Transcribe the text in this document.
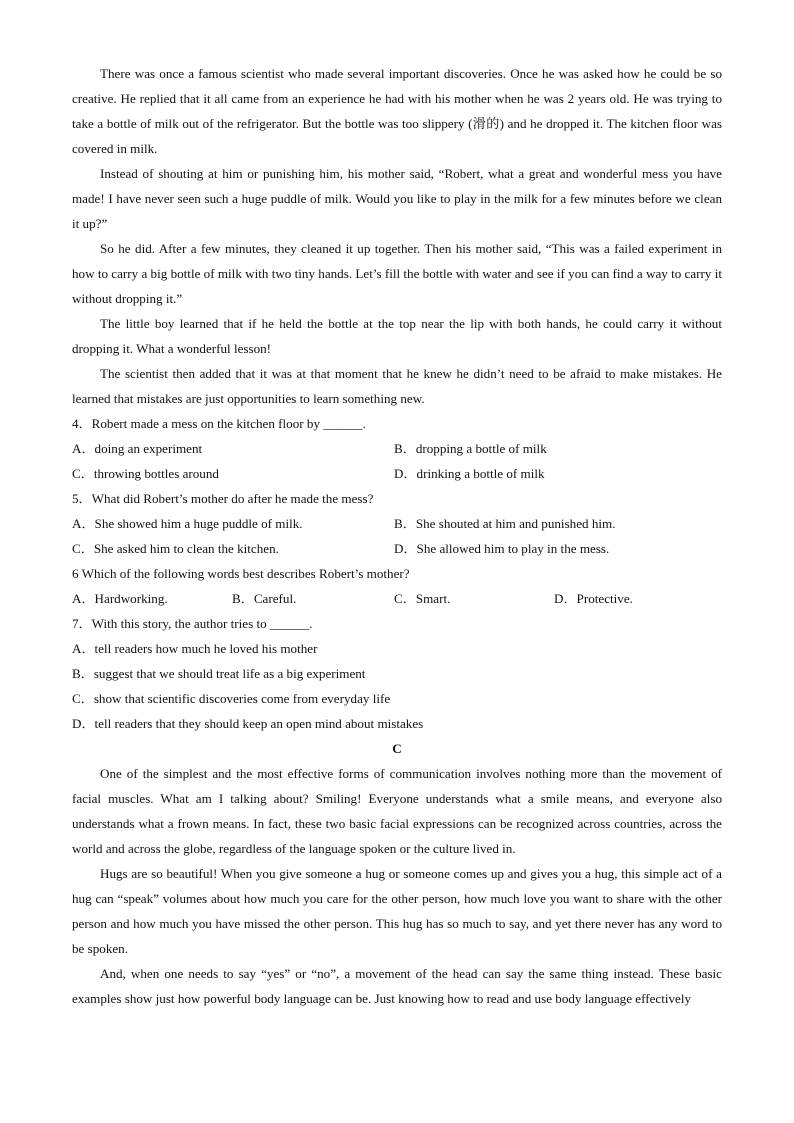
There was once a famous scientist who made several important discoveries. Once he was asked how he could be so creative. He replied that it all came from an experience he had with his mother when he was 2 years old. He was trying to take a bottle of milk out of the refrigerator. But the bottle was too slippery (滑的) and he dropped it. The kitchen floor was covered in milk.

Instead of shouting at him or punishing him, his mother said, “Robert, what a great and wonderful mess you have made! I have never seen such a huge puddle of milk. Would you like to play in the milk for a few minutes before we clean it up?”

So he did. After a few minutes, they cleaned it up together. Then his mother said, “This was a failed experiment in how to carry a big bottle of milk with two tiny hands. Let’s fill the bottle with water and see if you can find a way to carry it without dropping it.”

The little boy learned that if he held the bottle at the top near the lip with both hands, he could carry it without dropping it. What a wonderful lesson!

The scientist then added that it was at that moment that he knew he didn’t need to be afraid to make mistakes. He learned that mistakes are just opportunities to learn something new.

4．Robert made a mess on the kitchen floor by ______.

A．doing an experiment	B．dropping a bottle of milk
C．throwing bottles around	D．drinking a bottle of milk

5．What did Robert’s mother do after he made the mess?

A．She showed him a huge puddle of milk.	B．She shouted at him and punished him.
C．She asked him to clean the kitchen.	D．She allowed him to play in the mess.

6 Which of the following words best describes Robert’s mother?

A．Hardworking.	B．Careful.	C．Smart.	D．Protective.

7．With this story, the author tries to ______.

A．tell readers how much he loved his mother

B．suggest that we should treat life as a big experiment

C．show that scientific discoveries come from everyday life

D．tell readers that they should keep an open mind about mistakes

C

One of the simplest and the most effective forms of communication involves nothing more than the movement of facial muscles. What am I talking about? Smiling! Everyone understands what a smile means, and everyone also understands what a frown means. In fact, these two basic facial expressions can be recognized across countries, across the world and across the globe, regardless of the language spoken or the culture lived in.

Hugs are so beautiful! When you give someone a hug or someone comes up and gives you a hug, this simple act of a hug can “speak” volumes about how much you care for the other person, how much love you want to share with the other person and how much you have missed the other person. This hug has so much to say, and yet there never has any word to be spoken.

And, when one needs to say “yes” or “no”, a movement of the head can say the same thing instead. These basic examples show just how powerful body language can be. Just knowing how to read and use body language effectively
